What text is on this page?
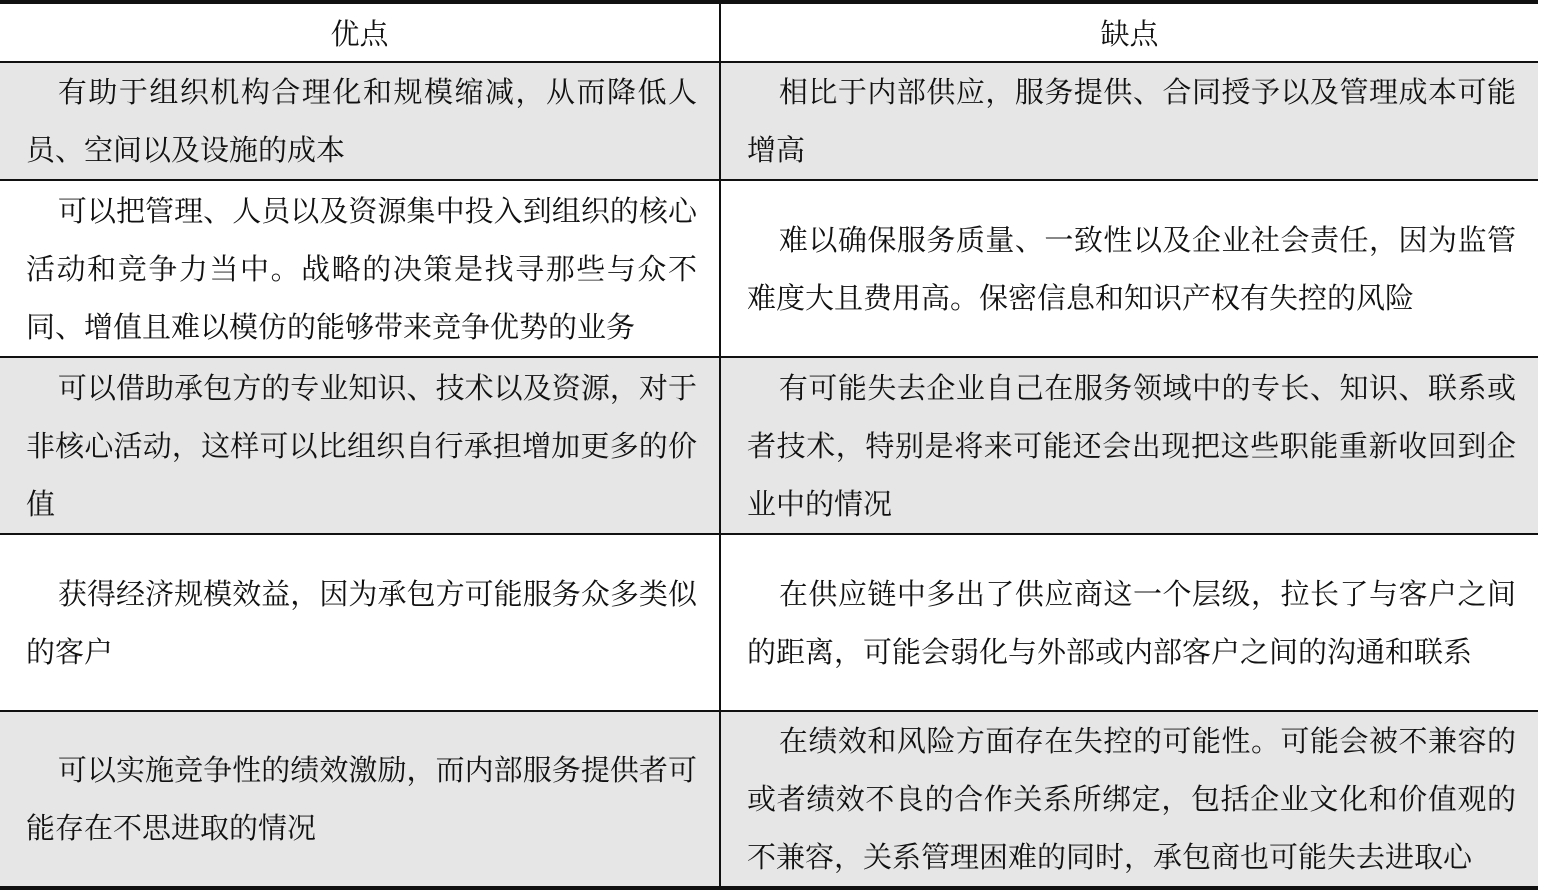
优点	缺点

有助于组织机构合理化和规模缩减，从而降低人员、空间以及设施的成本	相比于内部供应，服务提供、合同授予以及管理成本可能增高

可以把管理、人员以及资源集中投入到组织的核心活动和竞争力当中。战略的决策是找寻那些与众不同、增值且难以模仿的能够带来竞争优势的业务	难以确保服务质量、一致性以及企业社会责任，因为监管难度大且费用高。保密信息和知识产权有失控的风险

可以借助承包方的专业知识、技术以及资源，对于非核心活动，这样可以比组织自行承担增加更多的价值	有可能失去企业自己在服务领域中的专长、知识、联系或者技术，特别是将来可能还会出现把这些职能重新收回到企业中的情况

获得经济规模效益，因为承包方可能服务众多类似的客户	在供应链中多出了供应商这一个层级，拉长了与客户之间的距离，可能会弱化与外部或内部客户之间的沟通和联系

可以实施竞争性的绩效激励，而内部服务提供者可能存在不思进取的情况	在绩效和风险方面存在失控的可能性。可能会被不兼容的或者绩效不良的合作关系所绑定，包括企业文化和价值观的不兼容，关系管理困难的同时，承包商也可能失去进取心
